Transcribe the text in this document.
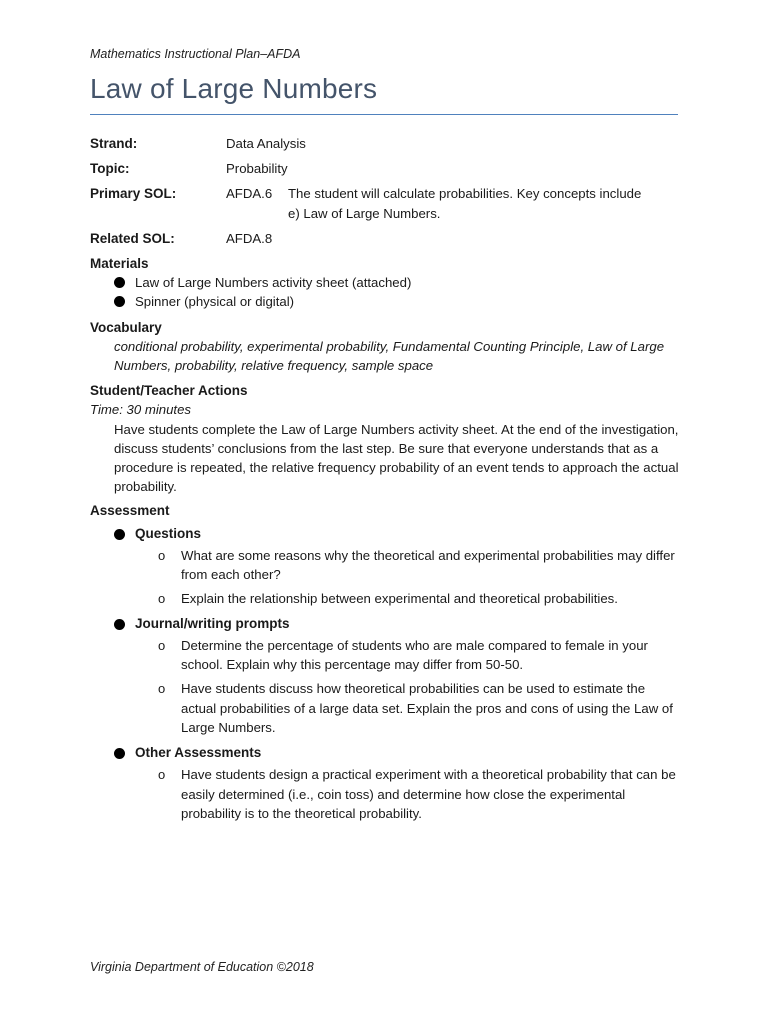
Mathematics Instructional Plan–AFDA
Law of Large Numbers
Strand:	Data Analysis
Topic:	Probability
Primary SOL:	AFDA.6	The student will calculate probabilities. Key concepts include
e) Law of Large Numbers.
Related SOL:	AFDA.8
Materials
Law of Large Numbers activity sheet (attached)
Spinner (physical or digital)
Vocabulary
conditional probability, experimental probability, Fundamental Counting Principle, Law of Large Numbers, probability, relative frequency, sample space
Student/Teacher Actions
Time: 30 minutes
Have students complete the Law of Large Numbers activity sheet. At the end of the investigation, discuss students’ conclusions from the last step. Be sure that everyone understands that as a procedure is repeated, the relative frequency probability of an event tends to approach the actual probability.
Assessment
Questions
o What are some reasons why the theoretical and experimental probabilities may differ from each other?
o Explain the relationship between experimental and theoretical probabilities.
Journal/writing prompts
o Determine the percentage of students who are male compared to female in your school. Explain why this percentage may differ from 50-50.
o Have students discuss how theoretical probabilities can be used to estimate the actual probabilities of a large data set. Explain the pros and cons of using the Law of Large Numbers.
Other Assessments
o Have students design a practical experiment with a theoretical probability that can be easily determined (i.e., coin toss) and determine how close the experimental probability is to the theoretical probability.
Virginia Department of Education ©2018
